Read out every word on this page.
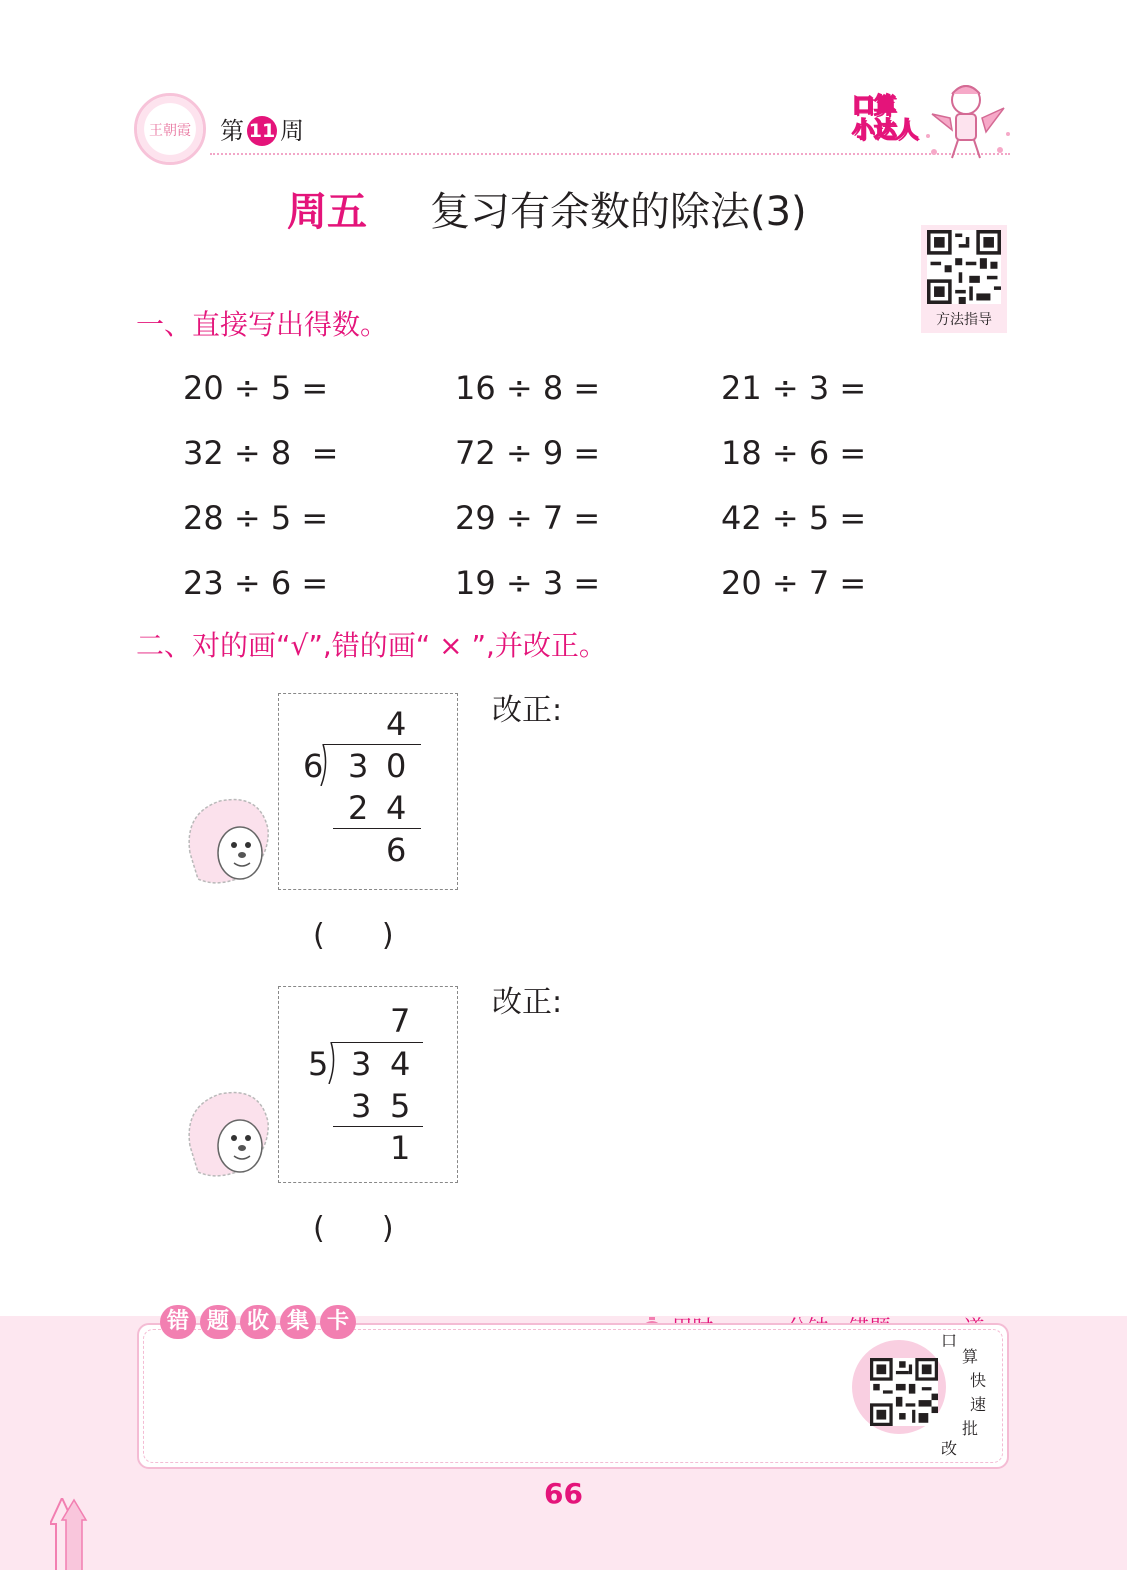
王朝霞	第 11 周
口算
小达人
周五 复习有余数的除法(3)
方法指导
一、直接写出得数。
20 ÷ 5 =	16 ÷ 8 =	21 ÷ 3 =
32 ÷ 8  =	72 ÷ 9 =	18 ÷ 6 =
28 ÷ 5 =	29 ÷ 7 =	42 ÷ 5 =
23 ÷ 6 =	19 ÷ 3 =	20 ÷ 7 =
二、对的画“√”,错的画“ × ”,并改正。
4
6 3 0
2 4
6
改正:
(      )
7
5 3 4
3 5
1
改正:
(      )

错 题 收 集 卡
口
算
快
速
批
改
66
